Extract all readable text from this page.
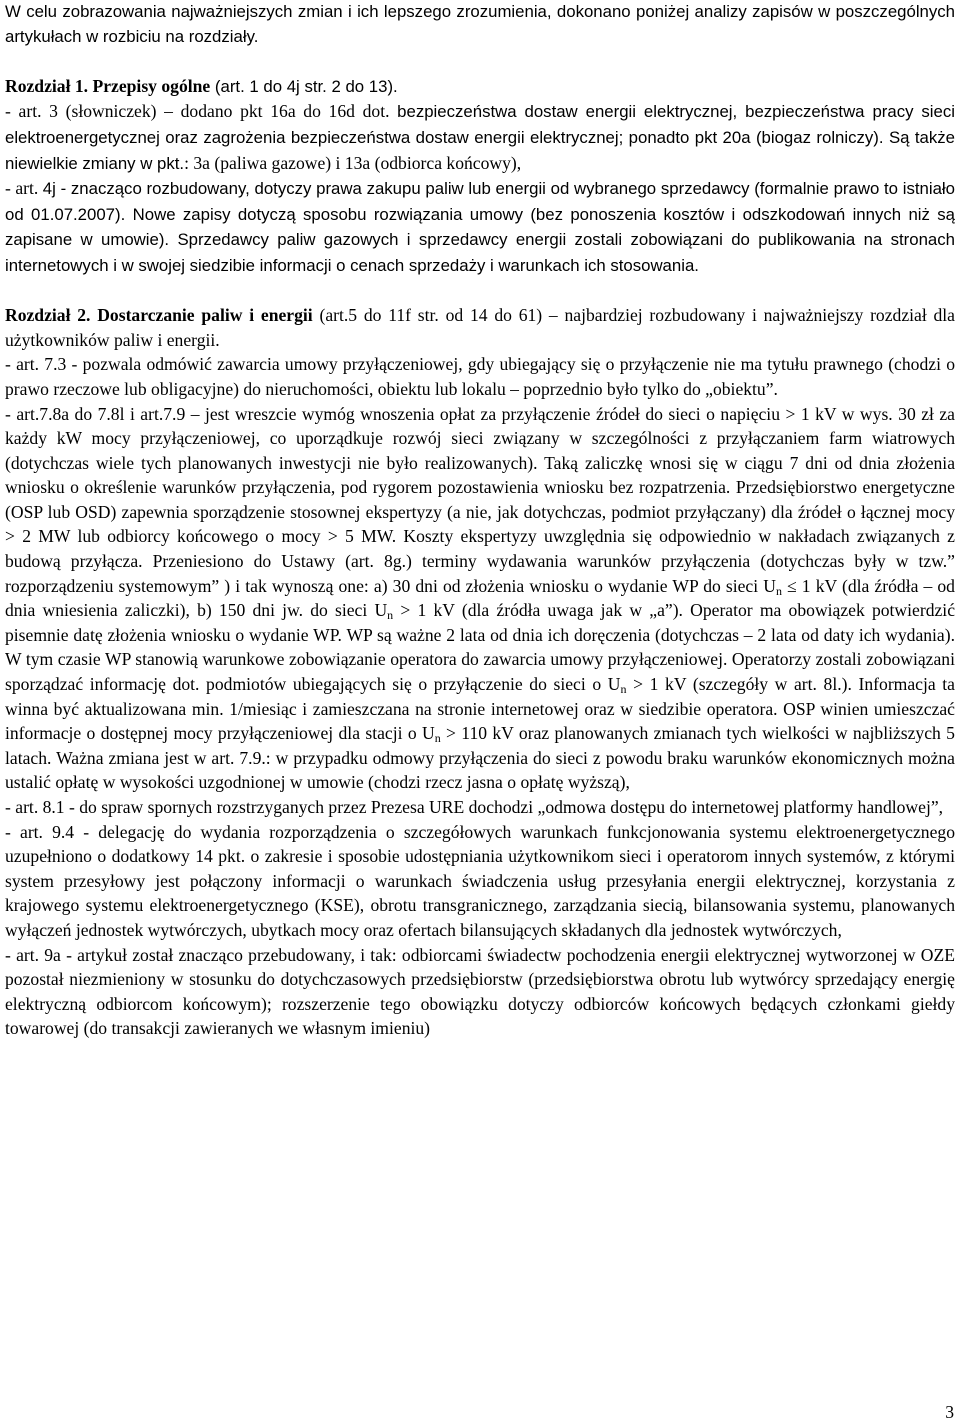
W celu zobrazowania najważniejszych zmian i ich lepszego zrozumienia, dokonano poniżej analizy zapisów w poszczególnych artykułach w rozbiciu na rozdziały.

Rozdział 1. Przepisy ogólne (art. 1 do 4j str. 2 do 13).
- art. 3 (słowniczek) – dodano pkt 16a do 16d dot. bezpieczeństwa dostaw energii elektrycznej, bezpieczeństwa pracy sieci elektroenergetycznej oraz zagrożenia bezpieczeństwa dostaw energii elektrycznej; ponadto pkt 20a (biogaz rolniczy). Są także niewielkie zmiany w pkt.: 3a (paliwa gazowe) i 13a (odbiorca końcowy),
- art. 4j - znacząco rozbudowany, dotyczy prawa zakupu paliw lub energii od wybranego sprzedawcy (formalnie prawo to istniało od 01.07.2007). Nowe zapisy dotyczą sposobu rozwiązania umowy (bez ponoszenia kosztów i odszkodowań innych niż są zapisane w umowie). Sprzedawcy paliw gazowych i sprzedawcy energii zostali zobowiązani do publikowania na stronach internetowych i w swojej siedzibie informacji o cenach sprzedaży i warunkach ich stosowania.

Rozdział 2. Dostarczanie paliw i energii (art.5 do 11f str. od 14 do 61) – najbardziej rozbudowany i najważniejszy rozdział dla użytkowników paliw i energii.
- art. 7.3 - pozwala odmówić zawarcia umowy przyłączeniowej, gdy ubiegający się o przyłączenie nie ma tytułu prawnego (chodzi o prawo rzeczowe lub obligacyjne) do nieruchomości, obiektu lub lokalu – poprzednio było tylko do „obiektu”.
- art.7.8a do 7.8l i art.7.9 – jest wreszcie wymóg wnoszenia opłat za przyłączenie źródeł do sieci o napięciu > 1 kV w wys. 30 zł za każdy kW mocy przyłączeniowej, co uporządkuje rozwój sieci związany w szczególności z przyłączaniem farm wiatrowych (dotychczas wiele tych planowanych inwestycji nie było realizowanych). Taką zaliczkę wnosi się w ciągu 7 dni od dnia złożenia wniosku o określenie warunków przyłączenia, pod rygorem pozostawienia wniosku bez rozpatrzenia. Przedsiębiorstwo energetyczne (OSP lub OSD) zapewnia sporządzenie stosownej ekspertyzy (a nie, jak dotychczas, podmiot przyłączany) dla źródeł o łącznej mocy > 2 MW lub odbiorcy końcowego o mocy > 5 MW. Koszty ekspertyzy uwzględnia się odpowiednio w nakładach związanych z budową przyłącza. Przeniesiono do Ustawy (art. 8g.) terminy wydawania warunków przyłączenia (dotychczas były w tzw.” rozporządzeniu systemowym” ) i tak wynoszą one: a) 30 dni od złożenia wniosku o wydanie WP do sieci $U_n \le 1$ kV (dla źródła – od dnia wniesienia zaliczki), b) 150 dni jw. do sieci $U_n > 1$ kV (dla źródła uwaga jak w „a”). Operator ma obowiązek potwierdzić pisemnie datę złożenia wniosku o wydanie WP. WP są ważne 2 lata od dnia ich doręczenia (dotychczas – 2 lata od daty ich wydania). W tym czasie WP stanowią warunkowe zobowiązanie operatora do zawarcia umowy przyłączeniowej. Operatorzy zostali zobowiązani sporządzać informację dot. podmiotów ubiegających się o przyłączenie do sieci o $U_n > 1$ kV (szczegóły w art. 8l.). Informacja ta winna być aktualizowana min. 1/miesiąc i zamieszczana na stronie internetowej oraz w siedzibie operatora. OSP winien umieszczać informacje o dostępnej mocy przyłączeniowej dla stacji o $U_n > 110$ kV oraz planowanych zmianach tych wielkości w najbliższych 5 latach. Ważna zmiana jest w art. 7.9.: w przypadku odmowy przyłączenia do sieci z powodu braku warunków ekonomicznych można ustalić opłatę w wysokości uzgodnionej w umowie (chodzi rzecz jasna o opłatę wyższą),
- art. 8.1 - do spraw spornych rozstrzyganych przez Prezesa URE dochodzi „odmowa dostępu do internetowej platformy handlowej”,
- art. 9.4 - delegację do wydania rozporządzenia o szczegółowych warunkach funkcjonowania systemu elektroenergetycznego uzupełniono o dodatkowy 14 pkt. o zakresie i sposobie udostępniania użytkownikom sieci i operatorom innych systemów, z którymi system przesyłowy jest połączony informacji o warunkach świadczenia usług przesyłania energii elektrycznej, korzystania z krajowego systemu elektroenergetycznego (KSE), obrotu transgranicznego, zarządzania siecią, bilansowania systemu, planowanych wyłączeń jednostek wytwórczych, ubytkach mocy oraz ofertach bilansujących składanych dla jednostek wytwórczych,
- art. 9a - artykuł został znacząco przebudowany, i tak: odbiorcami świadectw pochodzenia energii elektrycznej wytworzonej w OZE pozostał niezmieniony w stosunku do dotychczasowych przedsiębiorstw (przedsiębiorstwa obrotu lub wytwórcy sprzedający energię elektryczną odbiorcom końcowym); rozszerzenie tego obowiązku dotyczy odbiorców końcowych będących członkami giełdy towarowej (do transakcji zawieranych we własnym imieniu)

3
